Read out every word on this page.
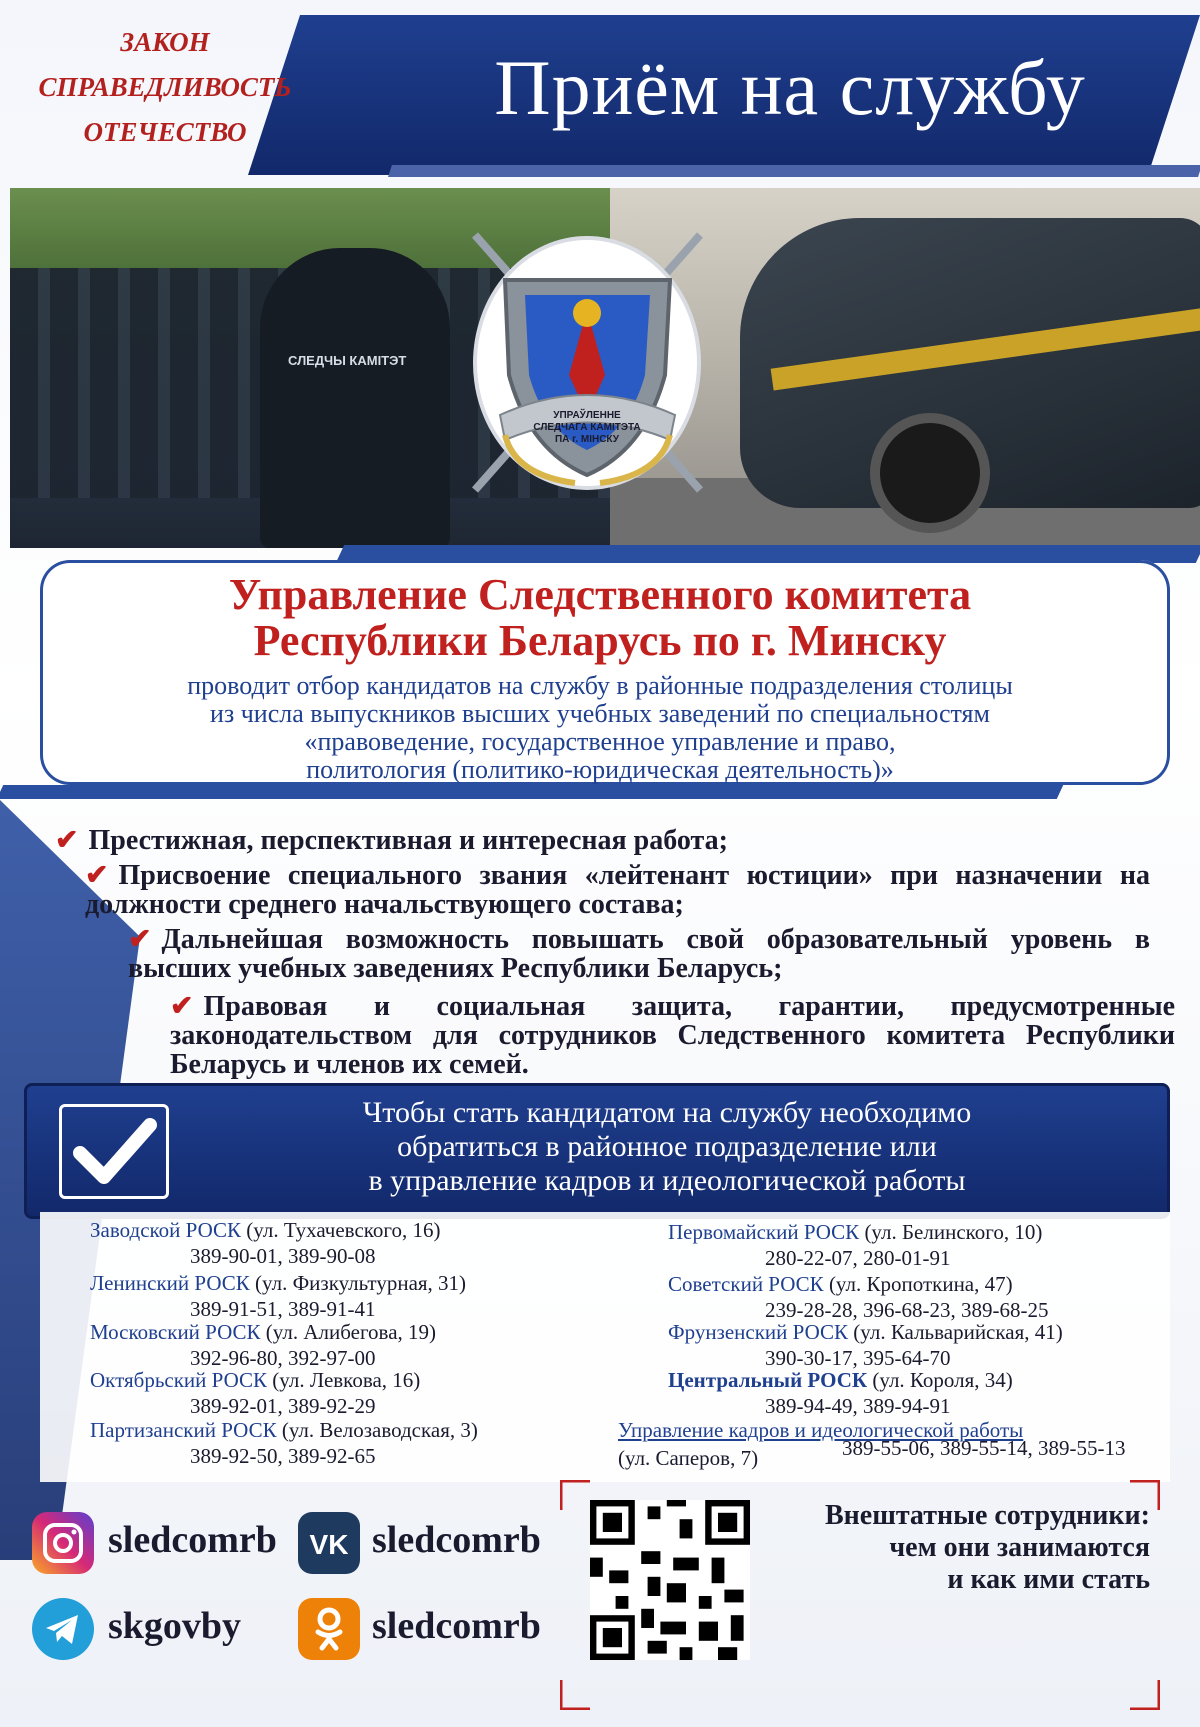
ЗАКОН
СПРАВЕДЛИВОСТЬ
ОТЕЧЕСТВО
Приём на службу
СЛЕДЧЫ КАМІТЭТ
УПРАЎЛЕННЕ
СЛЕДЧАГА КАМІТЭТА
ПА г. МІНСКУ
Управление Следственного комитета
Республики Беларусь по г. Минску
проводит отбор кандидатов на службу в районные подразделения столицы
из числа выпускников высших учебных заведений по специальностям
«правоведение, государственное управление и право,
политология (политико-юридическая деятельность)»
✔ Престижная, перспективная и интересная работа;
✔ Присвоение специального звания «лейтенант юстиции» при назначении на должности среднего начальствующего состава;
✔ Дальнейшая возможность повышать свой образовательный уровень в высших учебных заведениях Республики Беларусь;
✔ Правовая и социальная защита, гарантии, предусмотренные законодательством для сотрудников Следственного комитета Республики Беларусь и членов их семей.
Чтобы стать кандидатом на службу необходимо
обратиться в районное подразделение или
в управление кадров и идеологической работы
Заводской РОСК (ул. Тухачевского, 16)
389-90-01, 389-90-08
Ленинский РОСК (ул. Физкультурная, 31)
389-91-51, 389-91-41
Московский РОСК (ул. Алибегова, 19)
392-96-80, 392-97-00
Октябрьский РОСК (ул. Левкова, 16)
389-92-01, 389-92-29
Партизанский РОСК (ул. Велозаводская, 3)
389-92-50, 389-92-65
Первомайский РОСК (ул. Белинского, 10)
280-22-07, 280-01-91
Советский РОСК (ул. Кропоткина, 47)
239-28-28, 396-68-23, 389-68-25
Фрунзенский РОСК (ул. Кальварийская, 41)
390-30-17, 395-64-70
Центральный РОСК (ул. Короля, 34)
389-94-49, 389-94-91
Управление кадров и идеологической работы
(ул. Саперов, 7)	389-55-06, 389-55-14, 389-55-13
sledcomrb VK sledcomrb
skgovby	sledcomrb
Внештатные сотрудники:
чем они занимаются
и как ими стать
